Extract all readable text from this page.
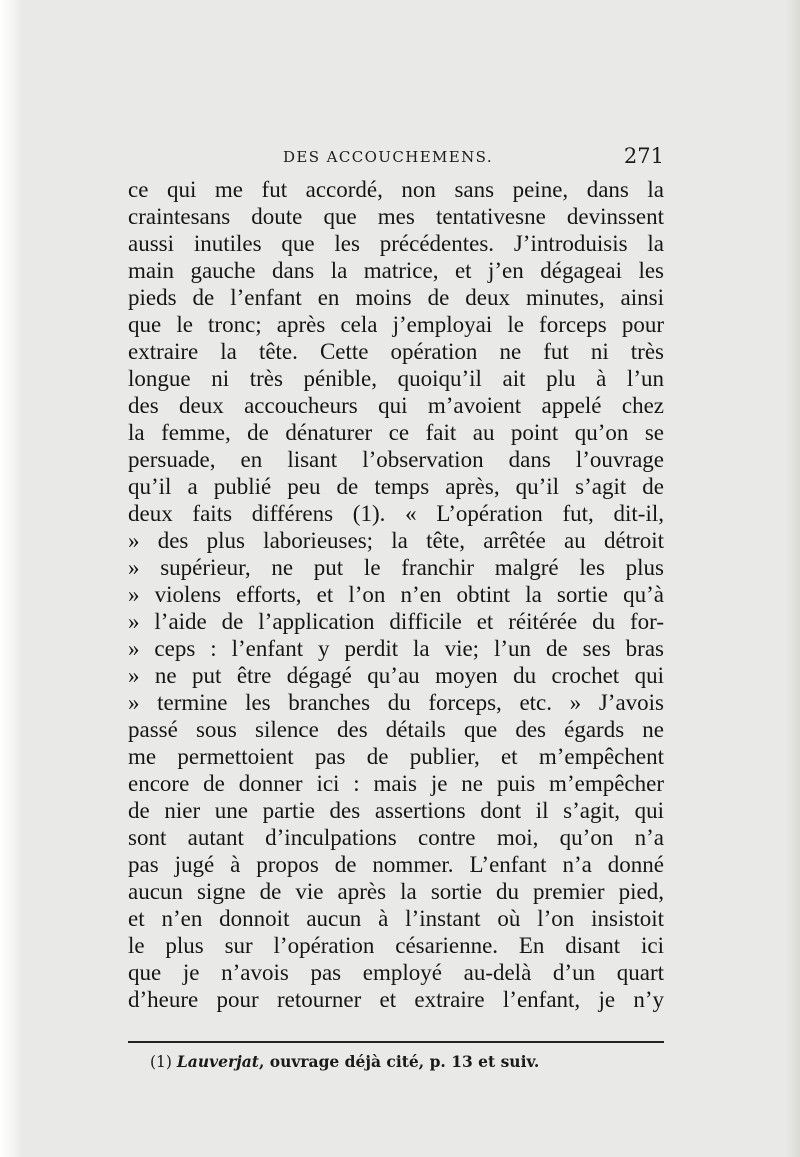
DES ACCOUCHEMENS.	271
ce qui me fut accordé, non sans peine, dans la
craintesans doute que mes tentativesne devinssent
aussi inutiles que les précédentes. J’introduisis la
main gauche dans la matrice, et j’en dégageai les
pieds de l’enfant en moins de deux minutes, ainsi
que le tronc; après cela j’employai le forceps pour
extraire la tête. Cette opération ne fut ni très
longue ni très pénible, quoiqu’il ait plu à l’un
des deux accoucheurs qui m’avoient appelé chez
la femme, de dénaturer ce fait au point qu’on se
persuade, en lisant l’observation dans l’ouvrage
qu’il a publié peu de temps après, qu’il s’agit de
deux faits différens (1). « L’opération fut, dit-il,
» des plus laborieuses; la tête, arrêtée au détroit
» supérieur, ne put le franchir malgré les plus
» violens efforts, et l’on n’en obtint la sortie qu’à
» l’aide de l’application difficile et réitérée du for-
» ceps : l’enfant y perdit la vie; l’un de ses bras
» ne put être dégagé qu’au moyen du crochet qui
» termine les branches du forceps, etc. » J’avois
passé sous silence des détails que des égards ne
me permettoient pas de publier, et m’empêchent
encore de donner ici : mais je ne puis m’empêcher
de nier une partie des assertions dont il s’agit, qui
sont autant d’inculpations contre moi, qu’on n’a
pas jugé à propos de nommer. L’enfant n’a donné
aucun signe de vie après la sortie du premier pied,
et n’en donnoit aucun à l’instant où l’on insistoit
le plus sur l’opération césarienne. En disant ici
que je n’avois pas employé au-delà d’un quart
d’heure pour retourner et extraire l’enfant, je n’y
(1) Lauverjat, ouvrage déjà cité, p. 13 et suiv.
